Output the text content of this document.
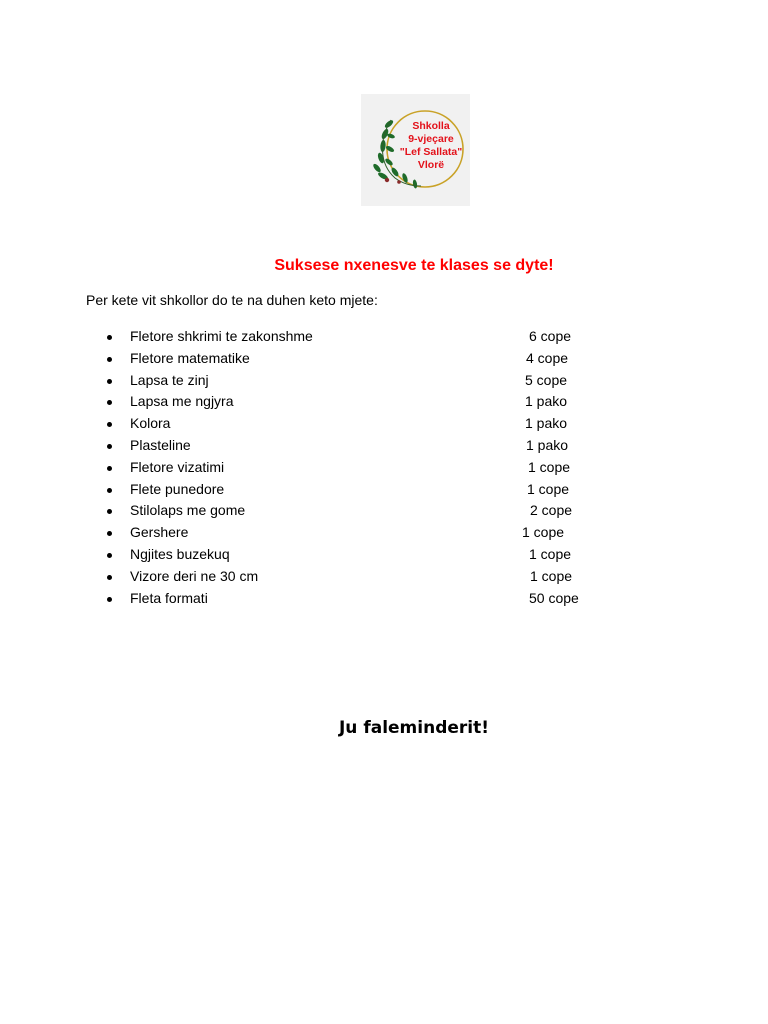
Shkolla
9-vjeçare
"Lef Sallata"
Vlorë
Suksese nxenesve te klases se dyte!
Per kete vit shkollor do te na duhen keto mjete:
Fletore shkrimi te zakonshme	6 cope
Fletore matematike	4 cope
Lapsa te zinj	5 cope
Lapsa me ngjyra	1 pako
Kolora	1 pako
Plasteline	1 pako
Fletore vizatimi	1 cope
Flete punedore	1 cope
Stilolaps me gome	2 cope
Gershere	1 cope
Ngjites buzekuq	1 cope
Vizore deri ne 30 cm	1 cope
Fleta formati	50 cope
Ju faleminderit!
